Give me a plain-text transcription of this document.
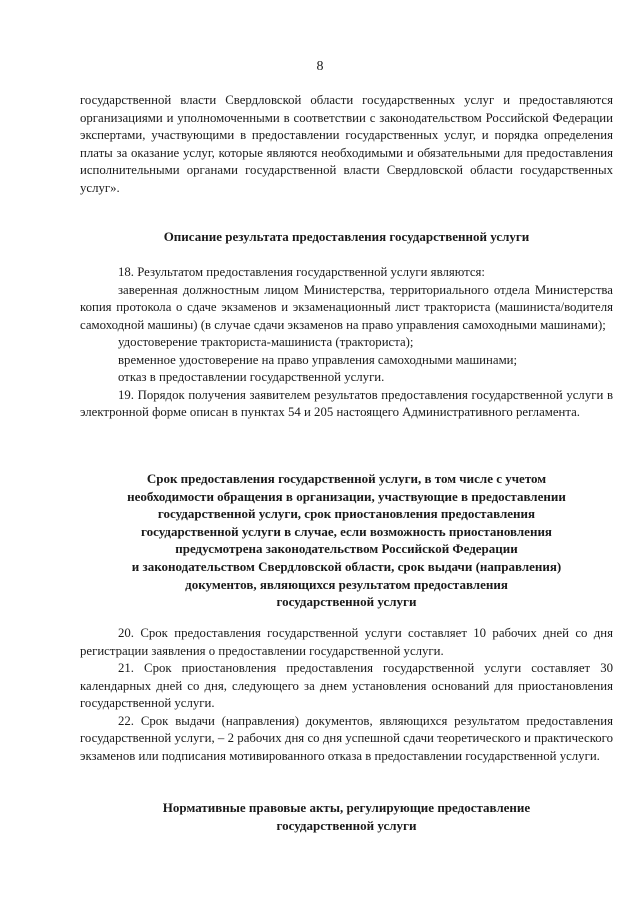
8

государственной власти Свердловской области государственных услуг и предоставляются организациями и уполномоченными в соответствии с законодательством Российской Федерации экспертами, участвующими в предоставлении государственных услуг, и порядка определения платы за оказание услуг, которые являются необходимыми и обязательными для предоставления исполнительными органами государственной власти Свердловской области государственных услуг».

Описание результата предоставления государственной услуги

18. Результатом предоставления государственной услуги являются:

заверенная должностным лицом Министерства, территориального отдела Министерства копия протокола о сдаче экзаменов и экзаменационный лист тракториста (машиниста/водителя самоходной машины) (в случае сдачи экзаменов на право управления самоходными машинами);

удостоверение тракториста-машиниста (тракториста);

временное удостоверение на право управления самоходными машинами;

отказ в предоставлении государственной услуги.

19. Порядок получения заявителем результатов предоставления государственной услуги в электронной форме описан в пунктах 54 и 205 настоящего Административного регламента.

Срок предоставления государственной услуги, в том числе с учетом
необходимости обращения в организации, участвующие в предоставлении
государственной услуги, срок приостановления предоставления
государственной услуги в случае, если возможность приостановления
предусмотрена законодательством Российской Федерации
и законодательством Свердловской области, срок выдачи (направления)
документов, являющихся результатом предоставления
государственной услуги

20. Срок предоставления государственной услуги составляет 10 рабочих дней со дня регистрации заявления о предоставлении государственной услуги.

21. Срок приостановления предоставления государственной услуги составляет 30 календарных дней со дня, следующего за днем установления оснований для приостановления государственной услуги.

22. Срок выдачи (направления) документов, являющихся результатом предоставления государственной услуги, – 2 рабочих дня со дня успешной сдачи теоретического и практического экзаменов или подписания мотивированного отказа в предоставлении государственной услуги.

Нормативные правовые акты, регулирующие предоставление
государственной услуги
